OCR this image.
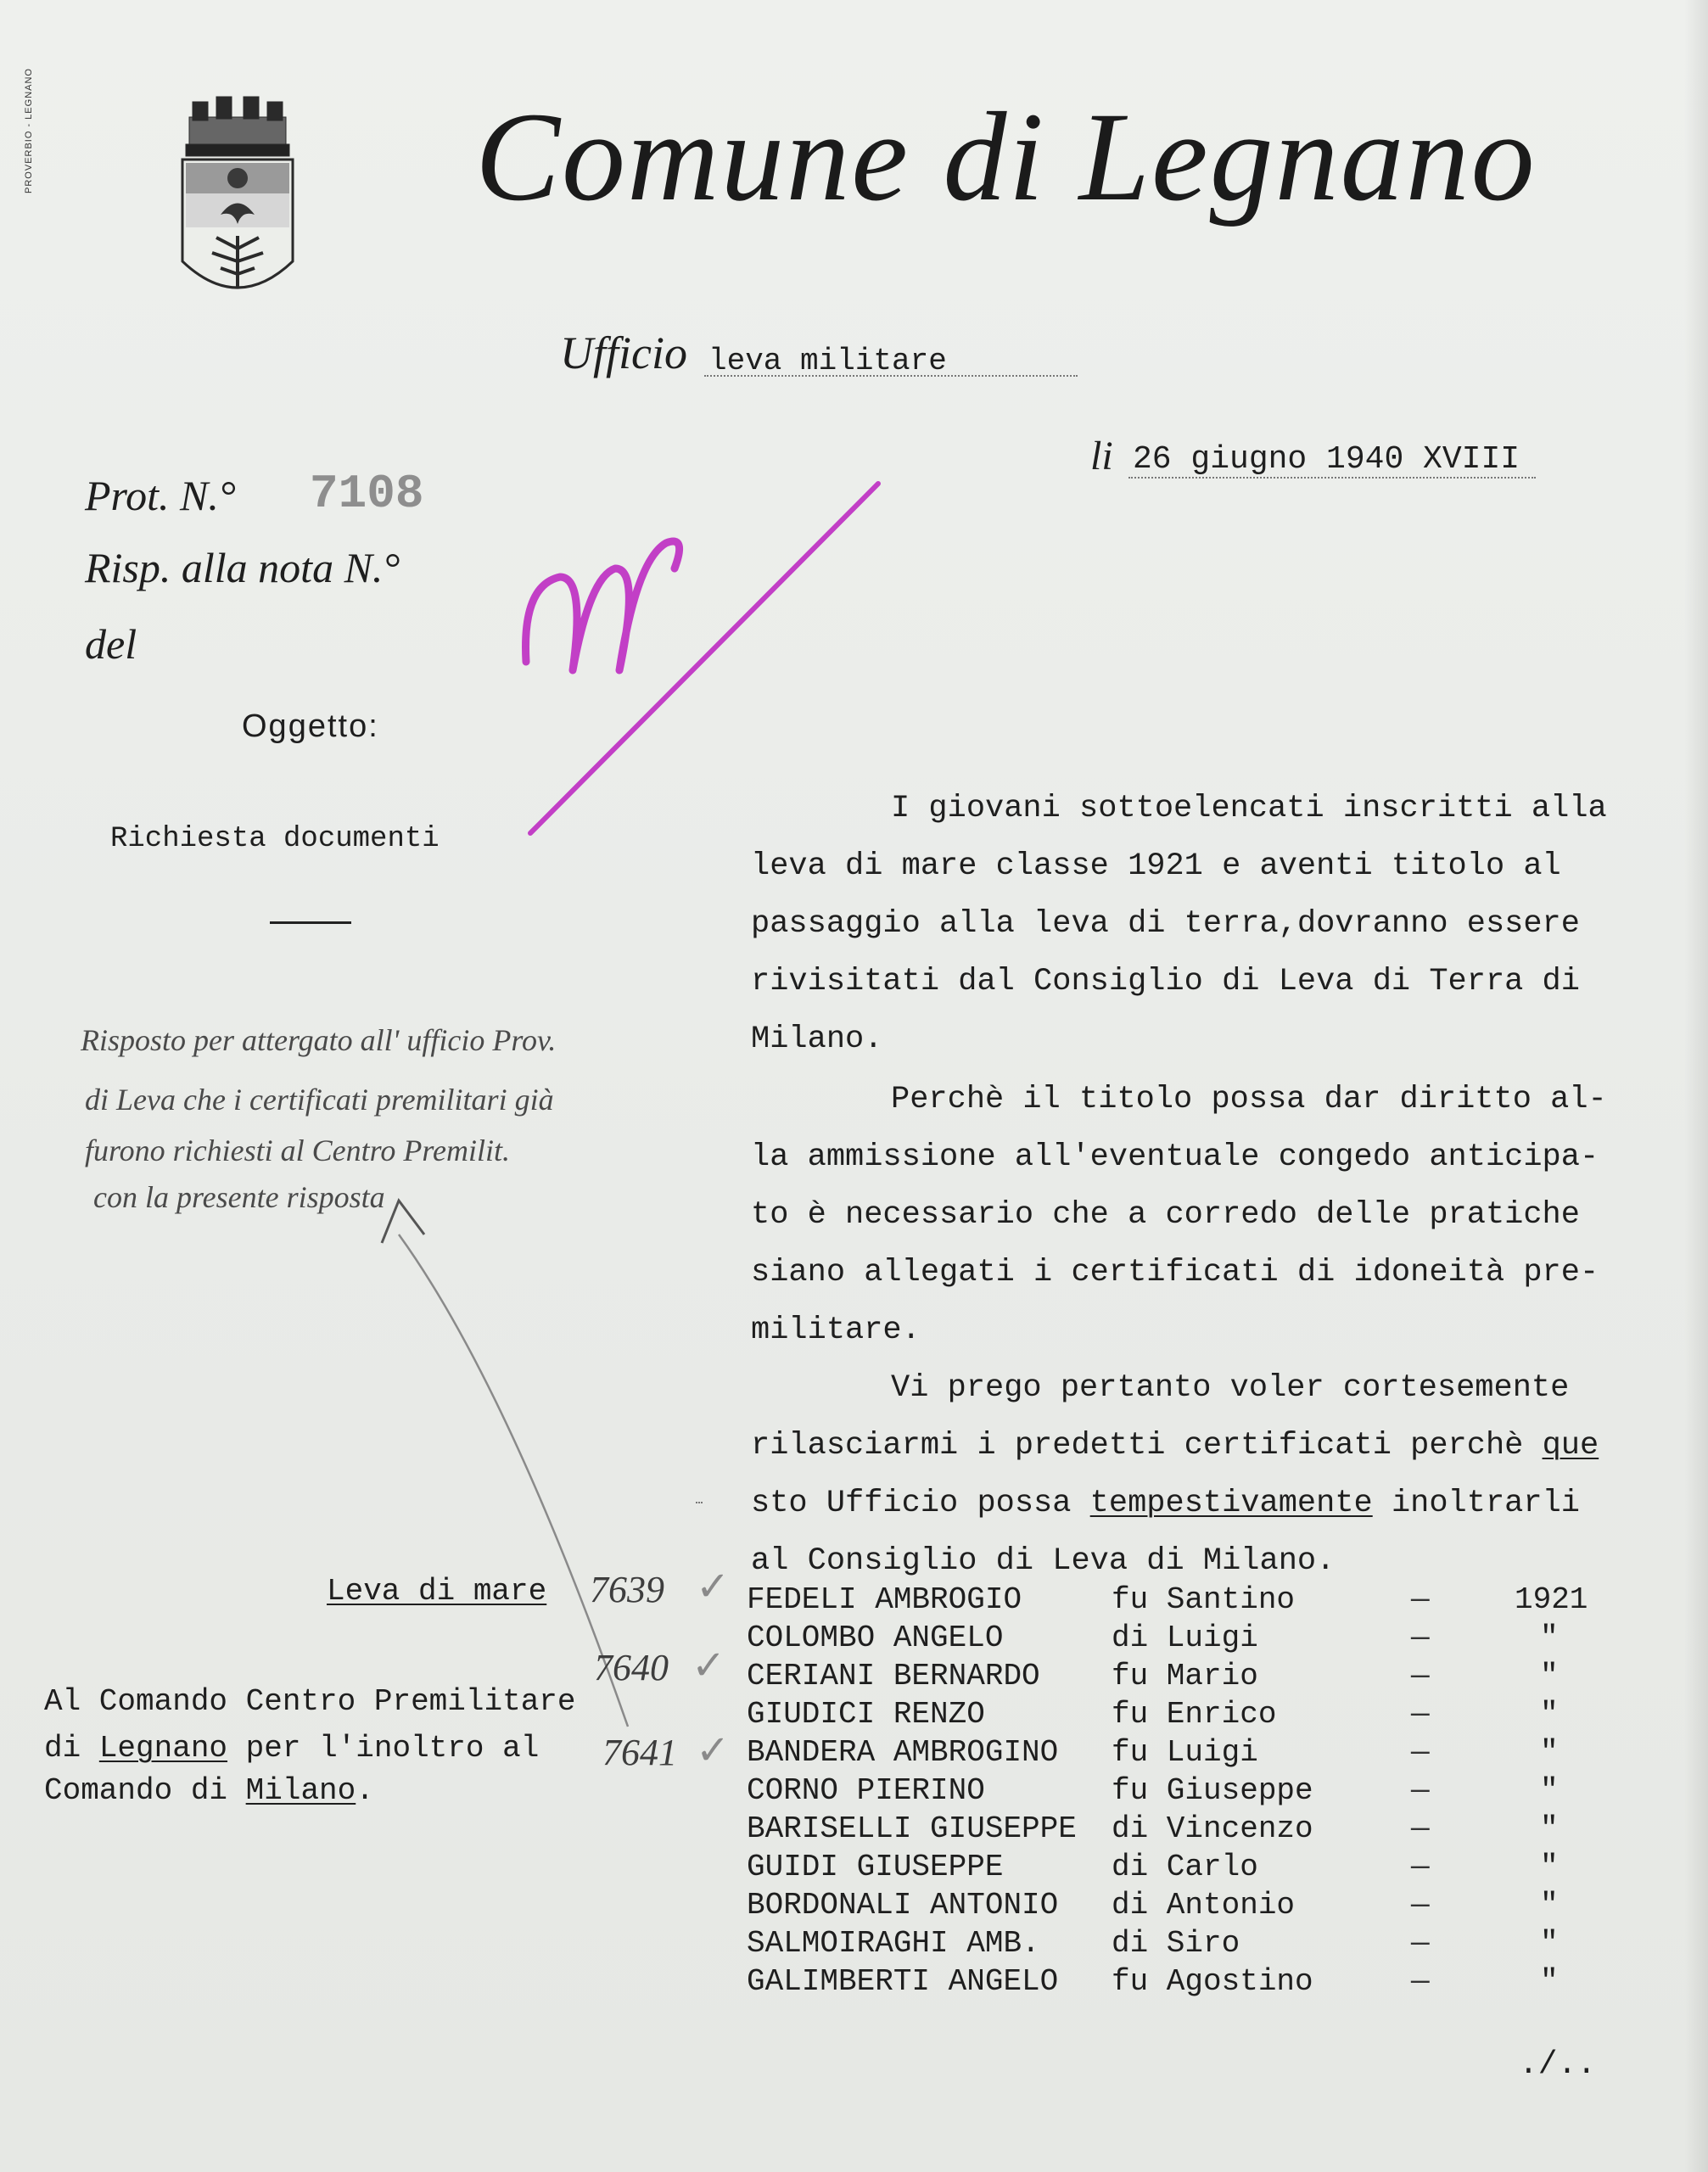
PROVERBIO - LEGNANO	Comune di Legnano
Ufficio leva militare
li 26 giugno 1940 XVIII
Prot. N.° 7108
Risp. alla nota N.°
del
Oggetto:
Richiesta documenti
I giovani sottoelencati inscritti alla
leva di mare classe 1921 e aventi titolo al
passaggio alla leva di terra,dovranno essere
rivisitati dal Consiglio di Leva di Terra di
Milano.
Perchè il titolo possa dar diritto al-
la ammissione all'eventuale congedo anticipa-
to è necessario che a corredo delle pratiche
siano allegati i certificati di idoneità pre-
militare.
Vi prego pertanto voler cortesemente
rilasciarmi i predetti certificati perchè que
sto Ufficio possa tempestivamente inoltrarli
al Consiglio di Leva di Milano.
Risposto per attergato all' ufficio Prov.
di Leva che i certificati premilitari già
furono richiesti al Centro Premilit.
con la presente risposta
Leva di mare 7639
7640
7641
✓
✓
✓
Al Comando Centro Premilitare
di Legnano per l'inoltro al
Comando di Milano.
FEDELI AMBROGIO	fu Santino	—	1921
COLOMBO ANGELO	di Luigi	—	"
CERIANI BERNARDO fu Mario	—	"
GIUDICI RENZO	fu Enrico	—	"
BANDERA AMBROGINO fu Luigi	—	"
CORNO PIERINO	fu Giuseppe	—	"
BARISELLI GIUSEPPE di Vincenzo	—	"
GUIDI GIUSEPPE	di Carlo	—	"
BORDONALI ANTONIO di Antonio	—	"
SALMOIRAGHI AMB. di Siro	—	"
GALIMBERTI ANGELO fu Agostino	—	"
./..
